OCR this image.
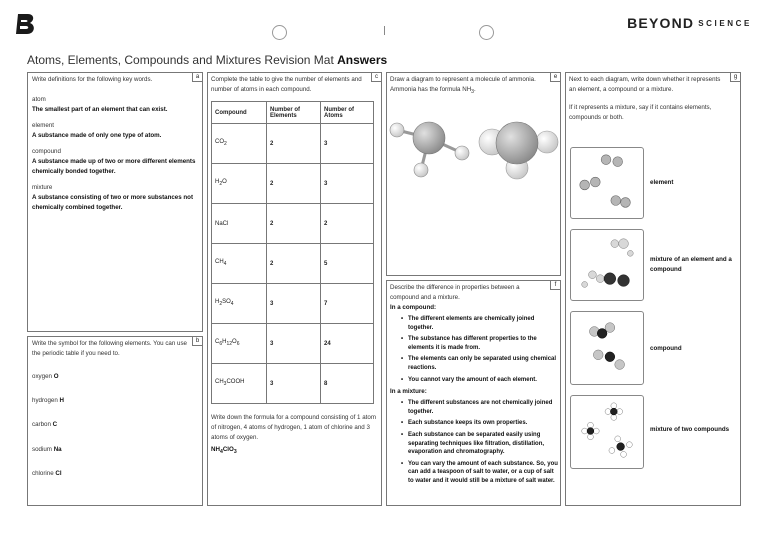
BEYOND SCIENCE
Atoms, Elements, Compounds and Mixtures Revision Mat Answers
a
Write definitions for the following key words.
atom
The smallest part of an element that can exist.
element
A substance made of only one type of atom.
compound
A substance made up of two or more different elements chemically bonded together.
mixture
A substance consisting of two or more substances not chemically combined together.
b
Write the symbol for the following elements. You can use the periodic table if you need to.
oxygen O
hydrogen H
carbon C
sodium Na
chlorine Cl
c
Complete the table to give the number of elements and number of atoms in each compound.
Compound	Number of Elements	Number of Atoms
$CO_2$	2	3
$H_2O$	2	3
NaCl	2	2
$CH_4$	2	5
$H_2SO_4$	3	7
$C_6H_{12}O_6$	3	24
$CH_3COOH$	3	8
Write down the formula for a compound consisting of 1 atom of nitrogen, 4 atoms of hydrogen, 1 atom of chlorine and 3 atoms of oxygen.
$NH_4ClO_3$
e
Draw a diagram to represent a molecule of ammonia. Ammonia has the formula $NH_3$.
f
Describe the difference in properties between a compound and a mixture.
In a compound:
• The different elements are chemically joined together.
• The substance has different properties to the elements it is made from.
• The elements can only be separated using chemical reactions.
• You cannot vary the amount of each element.
In a mixture:
• The different substances are not chemically joined together.
• Each substance keeps its own properties.
• Each substance can be separated easily using separating techniques like filtration, distillation, evaporation and chromatography.
• You can vary the amount of each substance. So, you can add a teaspoon of salt to water, or a cup of salt to water and it would still be a mixture of salt water.
g
Next to each diagram, write down whether it represents an element, a compound or a mixture.
If it represents a mixture, say if it contains elements, compounds or both.
element
mixture of an element and a compound
compound
mixture of two compounds
